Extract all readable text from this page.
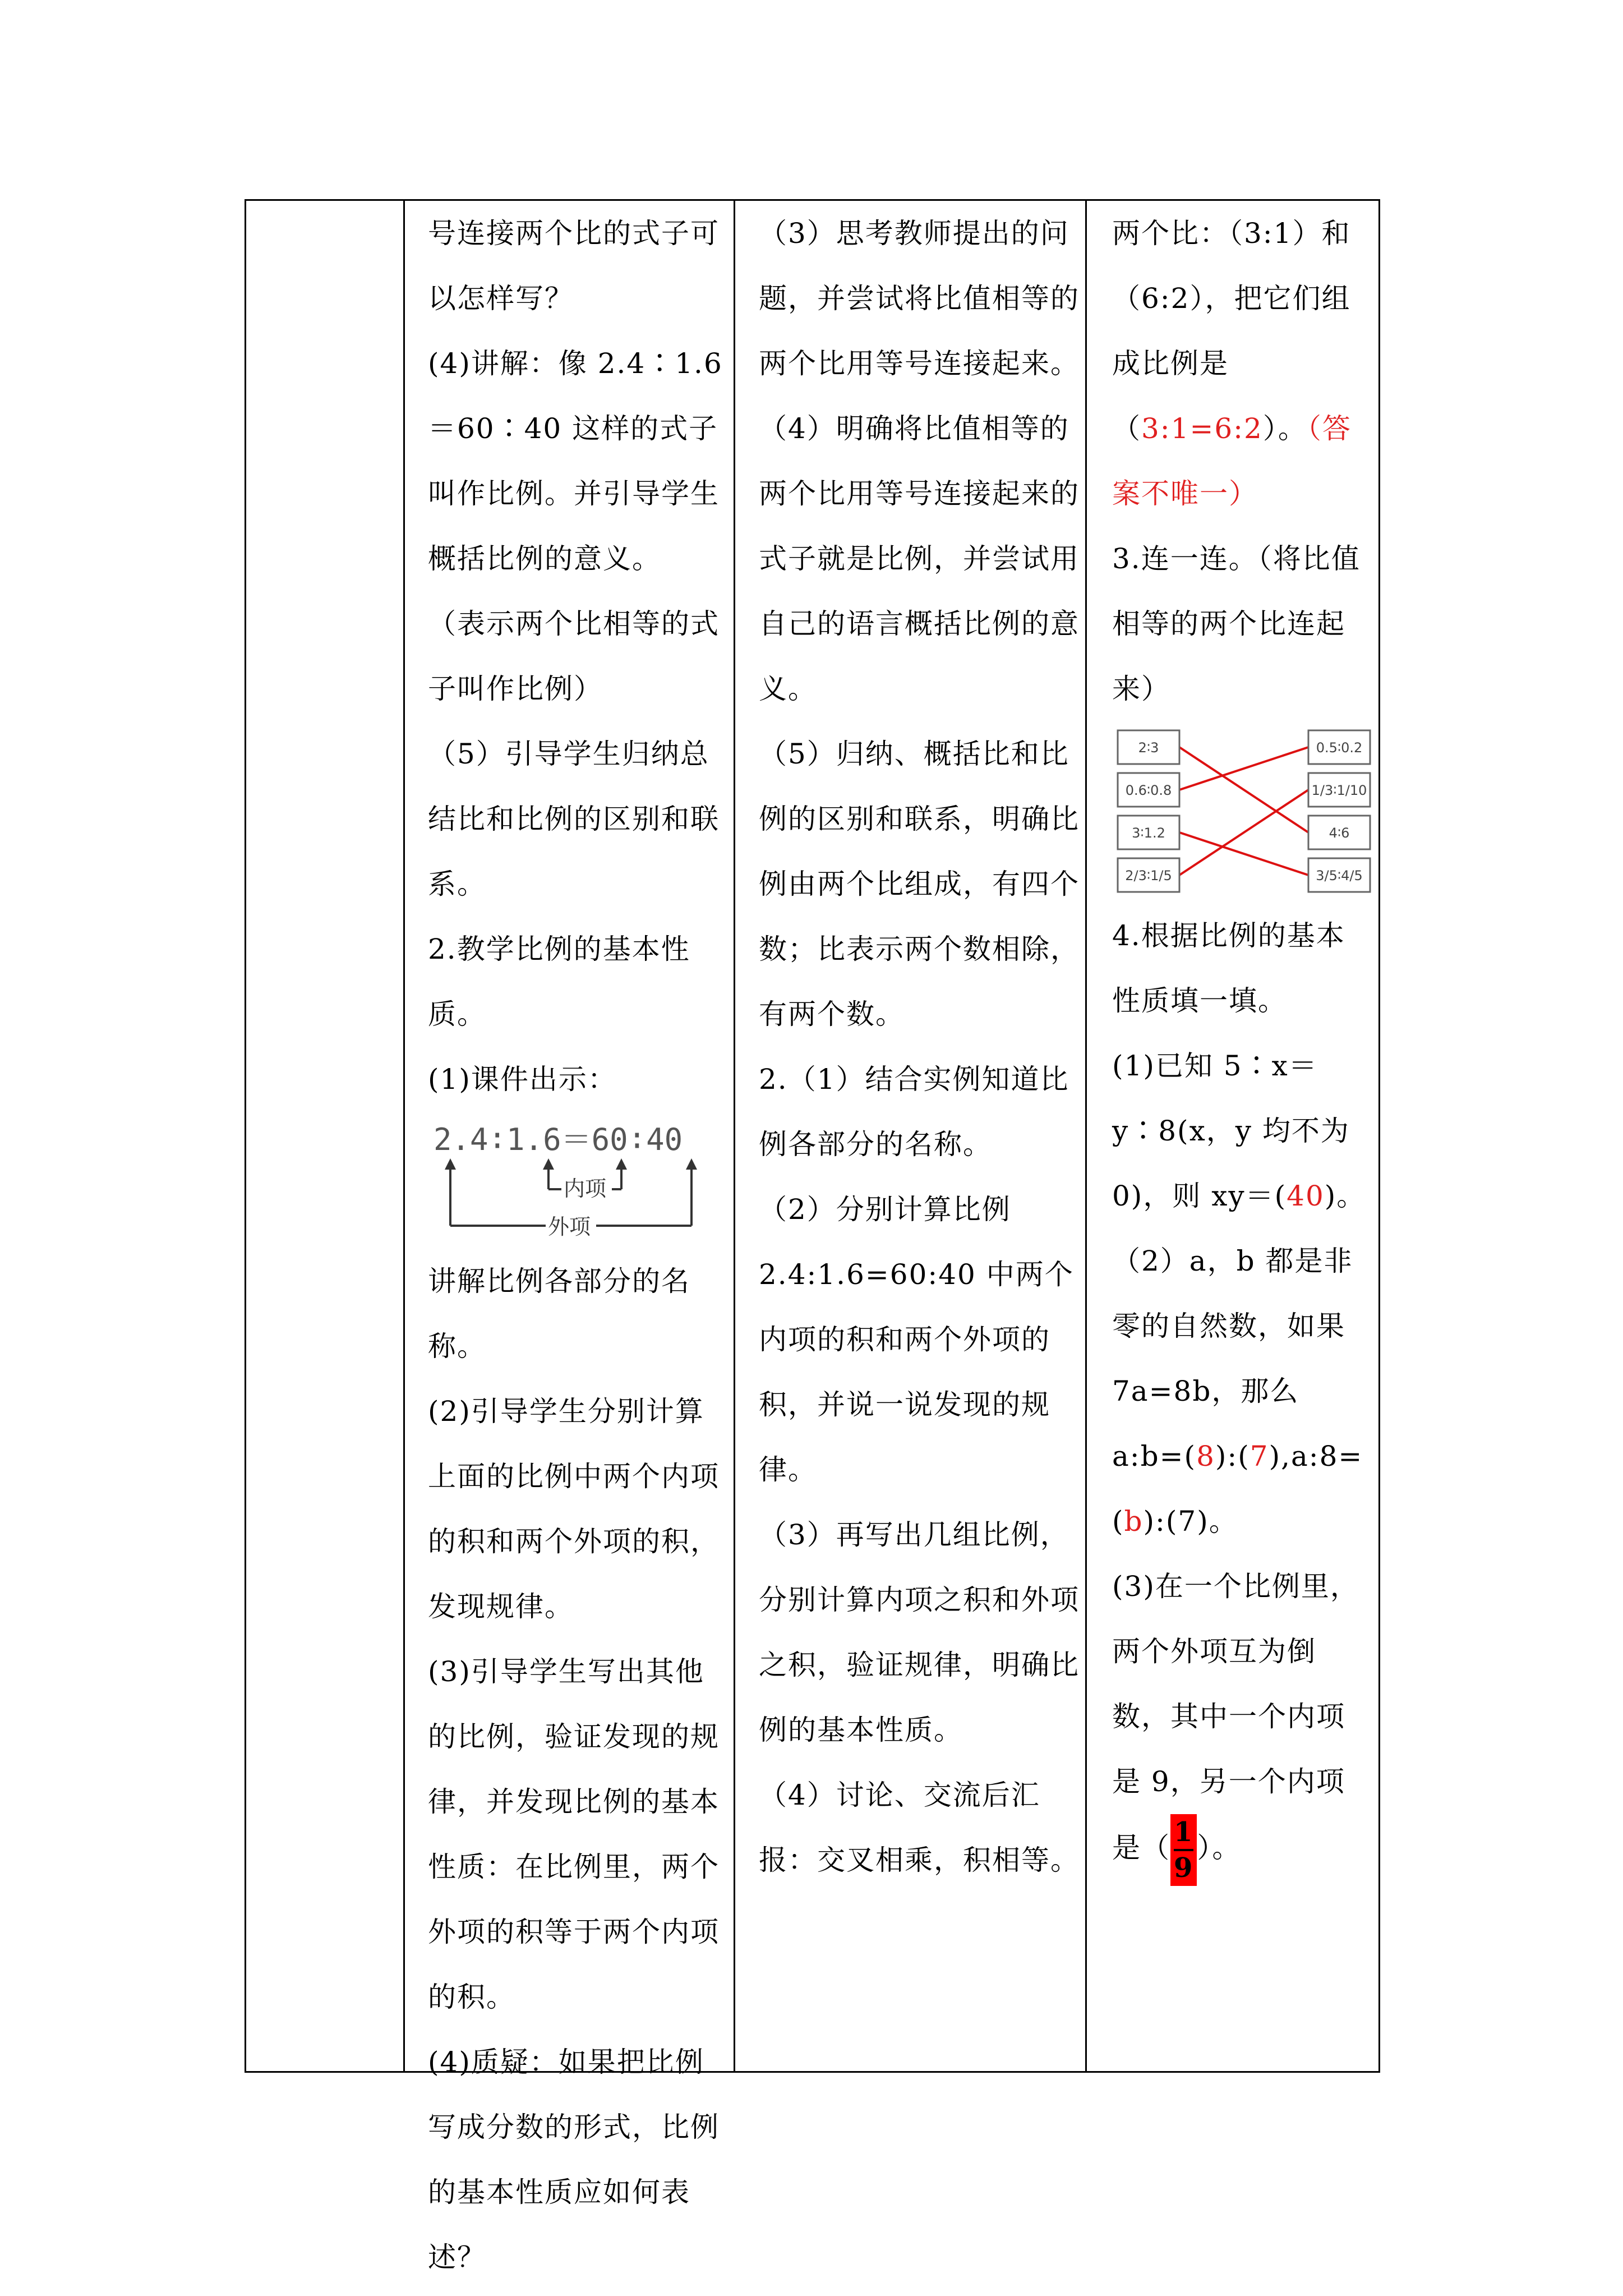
号连接两个比的式子可以怎样写？
(4)讲解：像 2.4∶1.6＝60∶40 这样的式子叫作比例。并引导学生概括比例的意义。
（表示两个比相等的式子叫作比例）
（5）引导学生归纳总结比和比例的区别和联系。
2.教学比例的基本性质。
(1)课件出示：
2.4∶1.6＝60∶40
内项
外项
讲解比例各部分的名称。
(2)引导学生分别计算上面的比例中两个内项的积和两个外项的积，发现规律。
(3)引导学生写出其他的比例，验证发现的规律，并发现比例的基本性质：在比例里，两个外项的积等于两个内项的积。
(4)质疑：如果把比例写成分数的形式，比例的基本性质应如何表述？
（3）思考教师提出的问题，并尝试将比值相等的两个比用等号连接起来。
（4）明确将比值相等的两个比用等号连接起来的式子就是比例，并尝试用自己的语言概括比例的意义。
（5）归纳、概括比和比例的区别和联系，明确比例由两个比组成，有四个数；比表示两个数相除，有两个数。
2.（1）结合实例知道比例各部分的名称。
（2）分别计算比例 2.4:1.6=60:40 中两个内项的积和两个外项的积，并说一说发现的规律。
（3）再写出几组比例，分别计算内项之积和外项之积，验证规律，明确比例的基本性质。
（4）讨论、交流后汇报：交叉相乘，积相等。
两个比：（3:1）和（6:2），把它们组成比例是（3:1=6:2）。（答案不唯一）
3.连一连。（将比值相等的两个比连起来）
2∶3
0.6∶0.8
3∶1.2
2/3∶1/5
0.5∶0.2
1/3∶1/10
4∶6
3/5∶4/5
4.根据比例的基本性质填一填。
(1)已知 5∶x＝y∶8(x，y 均不为 0)，则 xy＝(40)。
（2）a，b 都是非零的自然数，如果 7a=8b，那么 a:b=(8):(7),a:8=(b):(7)。
(3)在一个比例里，两个外项互为倒数，其中一个内项是 9，另一个内项是（ $\frac{1}{9}$ ）。
